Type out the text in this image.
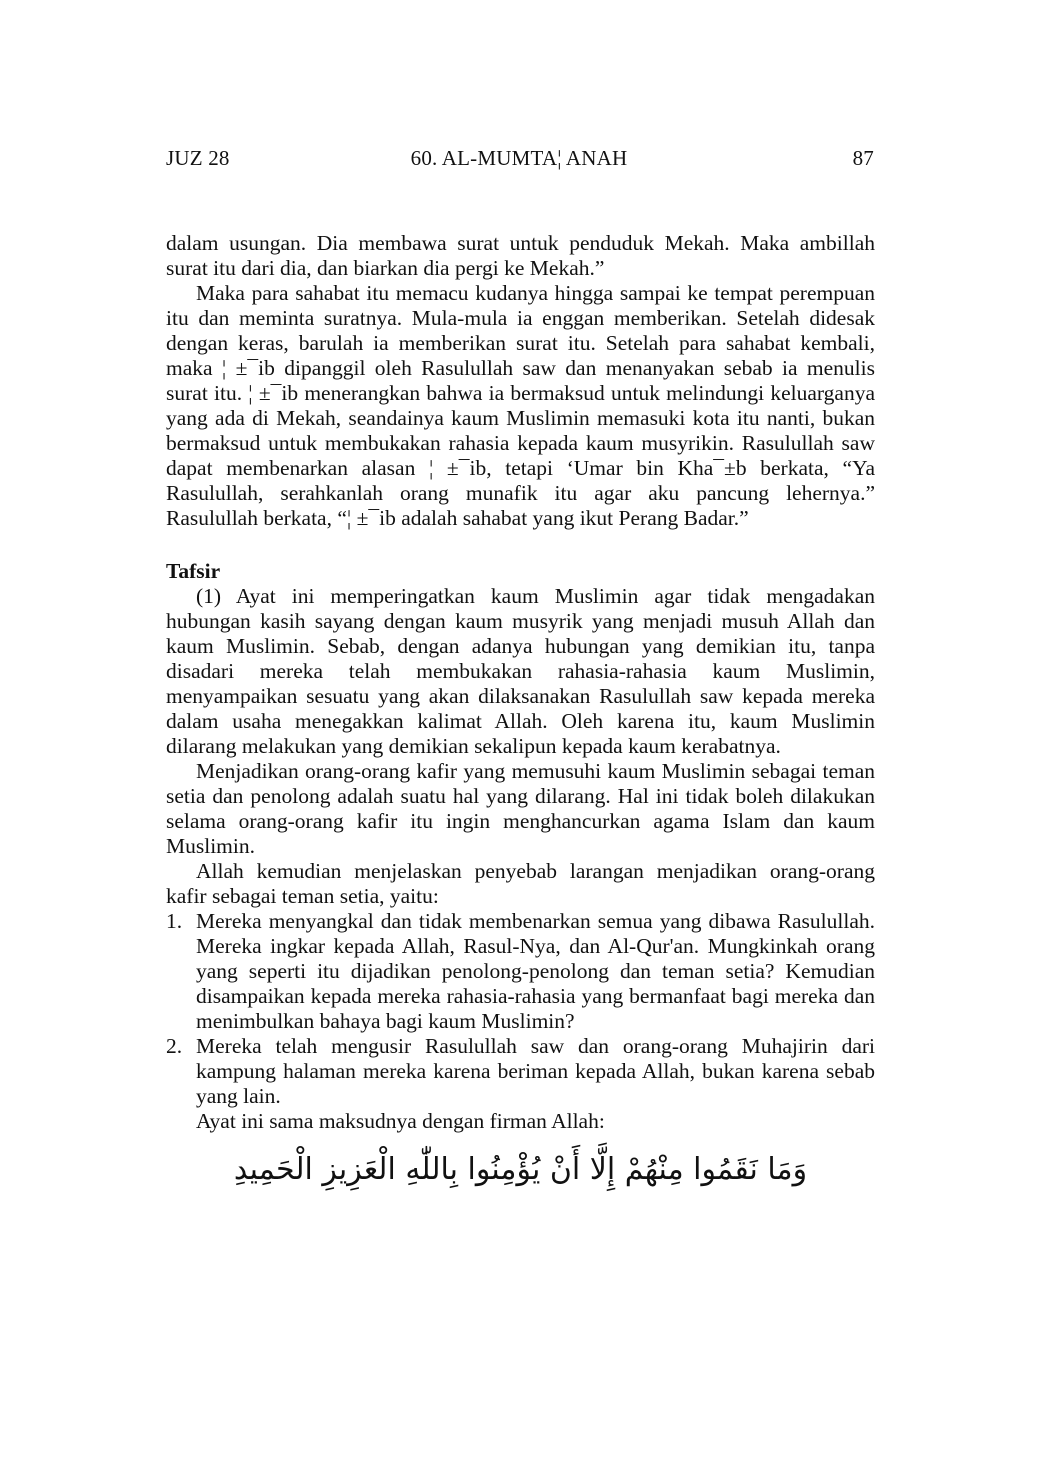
JUZ 28	60. AL-MUMTA¦ ANAH	87

dalam usungan. Dia membawa surat untuk penduduk Mekah. Maka ambillah surat itu dari dia, dan biarkan dia pergi ke Mekah.”

Maka para sahabat itu memacu kudanya hingga sampai ke tempat perempuan itu dan meminta suratnya. Mula-mula ia enggan memberikan. Setelah didesak dengan keras, barulah ia memberikan surat itu. Setelah para sahabat kembali, maka ¦ ±¯ib dipanggil oleh Rasulullah saw dan menanyakan sebab ia menulis surat itu. ¦ ±¯ib menerangkan bahwa ia bermaksud untuk melindungi keluarganya yang ada di Mekah, seandainya kaum Muslimin memasuki kota itu nanti, bukan bermaksud untuk membukakan rahasia kepada kaum musyrikin. Rasulullah saw dapat membenarkan alasan ¦ ±¯ib, tetapi ‘Umar bin Kha¯±b berkata, “Ya Rasulullah, serahkanlah orang munafik itu agar aku pancung lehernya.” Rasulullah berkata, “¦ ±¯ib adalah sahabat yang ikut Perang Badar.”

Tafsir

(1) Ayat ini memperingatkan kaum Muslimin agar tidak mengadakan hubungan kasih sayang dengan kaum musyrik yang menjadi musuh Allah dan kaum Muslimin. Sebab, dengan adanya hubungan yang demikian itu, tanpa disadari mereka telah membukakan rahasia-rahasia kaum Muslimin, menyampaikan sesuatu yang akan dilaksanakan Rasulullah saw kepada mereka dalam usaha menegakkan kalimat Allah. Oleh karena itu, kaum Muslimin dilarang melakukan yang demikian sekalipun kepada kaum kerabatnya.

Menjadikan orang-orang kafir yang memusuhi kaum Muslimin sebagai teman setia dan penolong adalah suatu hal yang dilarang. Hal ini tidak boleh dilakukan selama orang-orang kafir itu ingin menghancurkan agama Islam dan kaum Muslimin.

Allah kemudian menjelaskan penyebab larangan menjadikan orang-orang kafir sebagai teman setia, yaitu:

1. Mereka menyangkal dan tidak membenarkan semua yang dibawa Rasulullah. Mereka ingkar kepada Allah, Rasul-Nya, dan Al-Qur'an. Mungkinkah orang yang seperti itu dijadikan penolong-penolong dan teman setia? Kemudian disampaikan kepada mereka rahasia-rahasia yang bermanfaat bagi mereka dan menimbulkan bahaya bagi kaum Muslimin?
2. Mereka telah mengusir Rasulullah saw dan orang-orang Muhajirin dari kampung halaman mereka karena beriman kepada Allah, bukan karena sebab yang lain.

Ayat ini sama maksudnya dengan firman Allah:

وَمَا نَقَمُوا مِنْهُمْ إِلَّا أَنْ يُؤْمِنُوا بِاللّٰهِ الْعَزِيزِ الْحَمِيدِ
